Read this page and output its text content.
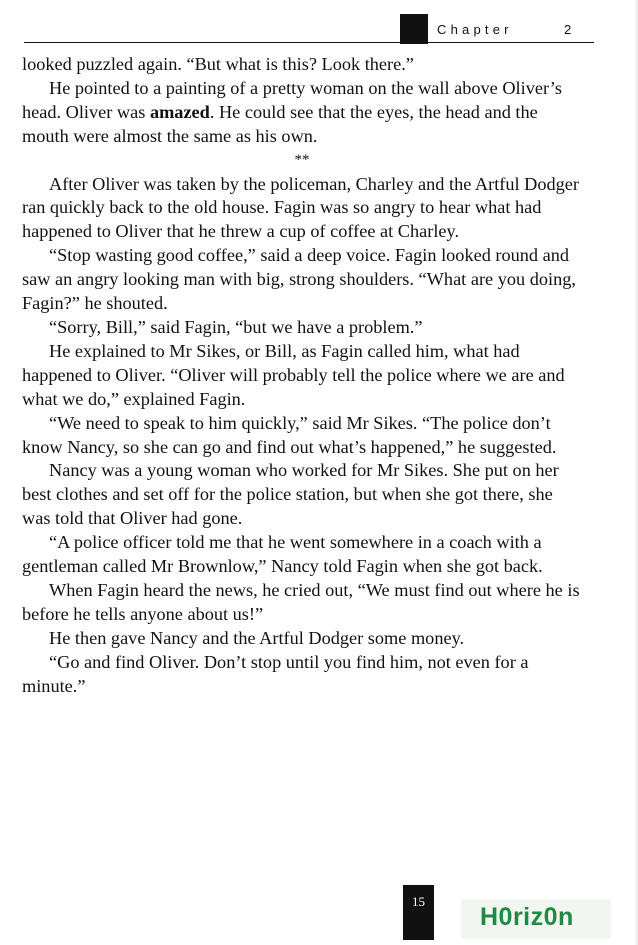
Chapter	2

looked puzzled again. “But what is this? Look there.”

He pointed to a painting of a pretty woman on the wall above Oliver’s head. Oliver was amazed. He could see that the eyes, the head and the mouth were almost the same as his own.

**

After Oliver was taken by the policeman, Charley and the Artful Dodger ran quickly back to the old house. Fagin was so angry to hear what had happened to Oliver that he threw a cup of coffee at Charley.

“Stop wasting good coffee,” said a deep voice. Fagin looked round and saw an angry looking man with big, strong shoulders. “What are you doing, Fagin?” he shouted.

“Sorry, Bill,” said Fagin, “but we have a problem.”

He explained to Mr Sikes, or Bill, as Fagin called him, what had happened to Oliver. “Oliver will probably tell the police where we are and what we do,” explained Fagin.

“We need to speak to him quickly,” said Mr Sikes. “The police don’t know Nancy, so she can go and find out what’s happened,” he suggested.

Nancy was a young woman who worked for Mr Sikes. She put on her best clothes and set off for the police station, but when she got there, she was told that Oliver had gone.

“A police officer told me that he went somewhere in a coach with a gentleman called Mr Brownlow,” Nancy told Fagin when she got back.

When Fagin heard the news, he cried out, “We must find out where he is before he tells anyone about us!”

He then gave Nancy and the Artful Dodger some money.

“Go and find Oliver. Don’t stop until you find him, not even for a minute.”

15
H0riz0n
